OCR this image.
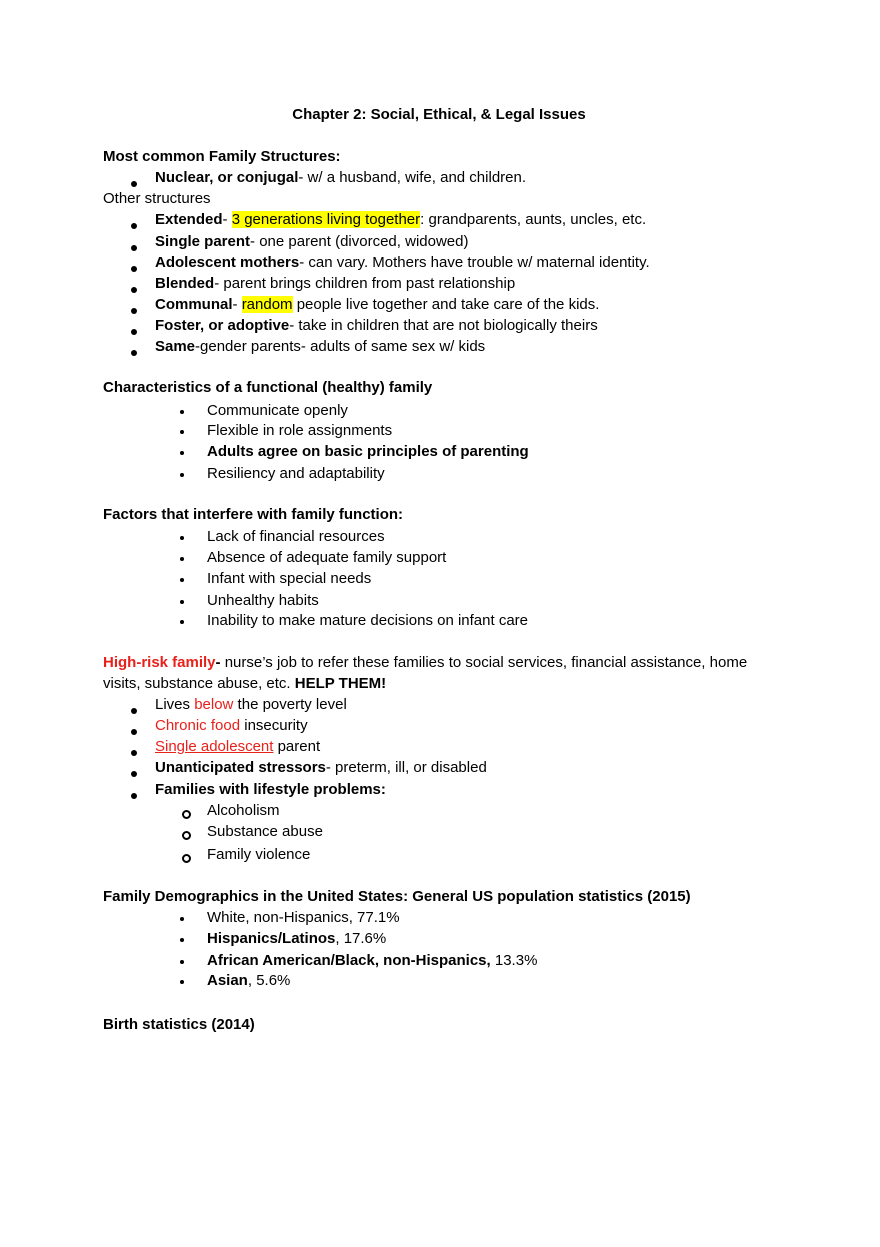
Chapter 2: Social, Ethical, & Legal Issues
Most common Family Structures:
Nuclear, or conjugal- w/ a husband, wife, and children.
Other structures
Extended- 3 generations living together: grandparents, aunts, uncles, etc.
Single parent- one parent (divorced, widowed)
Adolescent mothers- can vary. Mothers have trouble w/ maternal identity.
Blended- parent brings children from past relationship
Communal- random people live together and take care of the kids.
Foster, or adoptive- take in children that are not biologically theirs
Same-gender parents- adults of same sex w/ kids
Characteristics of a functional (healthy) family
Communicate openly
Flexible in role assignments
Adults agree on basic principles of parenting
Resiliency and adaptability
Factors that interfere with family function:
Lack of financial resources
Absence of adequate family support
Infant with special needs
Unhealthy habits
Inability to make mature decisions on infant care
High-risk family- nurse’s job to refer these families to social services, financial assistance, home
visits, substance abuse, etc. HELP THEM!
Lives below the poverty level
Chronic food insecurity
Single adolescent parent
Unanticipated stressors- preterm, ill, or disabled
Families with lifestyle problems:
Alcoholism
Substance abuse
Family violence
Family Demographics in the United States: General US population statistics (2015)
White, non-Hispanics, 77.1%
Hispanics/Latinos, 17.6%
African American/Black, non-Hispanics, 13.3%
Asian, 5.6%
Birth statistics (2014)
